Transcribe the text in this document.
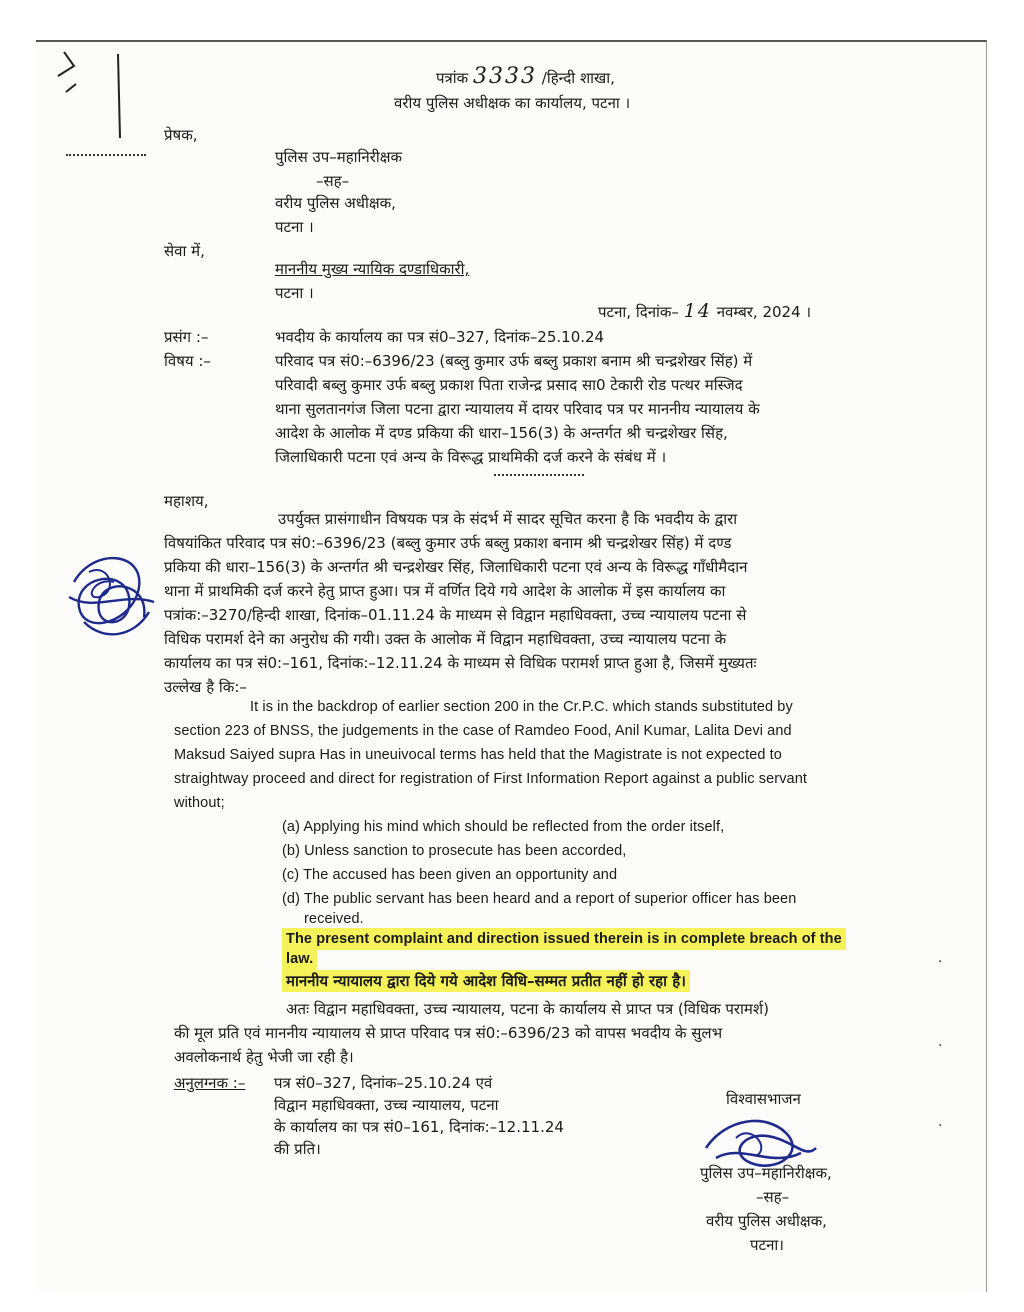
पत्रांक 3333 /हिन्दी शाखा,
वरीय पुलिस अधीक्षक का कार्यालय, पटना ।
प्रेषक,
पुलिस उप–महानिरीक्षक
–सह–
वरीय पुलिस अधीक्षक,
पटना ।
सेवा में,
माननीय मुख्य न्यायिक दण्डाधिकारी,
पटना ।
पटना, दिनांक– 14 नवम्बर, 2024 ।
प्रसंग :–	भवदीय के कार्यालय का पत्र सं0–327, दिनांक–25.10.24
विषय :–	परिवाद पत्र सं0:–6396/23 (बब्लु कुमार उर्फ बब्लु प्रकाश बनाम श्री चन्द्रशेखर सिंह) में
परिवादी बब्लु कुमार उर्फ बब्लु प्रकाश पिता राजेन्द्र प्रसाद सा0 टेकारी रोड पत्थर मस्जिद
थाना सुलतानगंज जिला पटना द्वारा न्यायालय में दायर परिवाद पत्र पर माननीय न्यायालय के
आदेश के आलोक में दण्ड प्रकिया की धारा–156(3) के अन्तर्गत श्री चन्द्रशेखर सिंह,
जिलाधिकारी पटना एवं अन्य के विरूद्ध प्राथमिकी दर्ज करने के संबंध में ।
महाशय,
उपर्युक्त प्रासंगाधीन विषयक पत्र के संदर्भ में सादर सूचित करना है कि भवदीय के द्वारा
विषयांकित परिवाद पत्र सं0:–6396/23 (बब्लु कुमार उर्फ बब्लु प्रकाश बनाम श्री चन्द्रशेखर सिंह) में दण्ड
प्रकिया की धारा–156(3) के अन्तर्गत श्री चन्द्रशेखर सिंह, जिलाधिकारी पटना एवं अन्य के विरूद्ध गाँधीमैदान
थाना में प्राथमिकी दर्ज करने हेतु प्राप्त हुआ। पत्र में वर्णित दिये गये आदेश के आलोक में इस कार्यालय का
पत्रांक:–3270/हिन्दी शाखा, दिनांक–01.11.24 के माध्यम से विद्वान महाधिवक्ता, उच्च न्यायालय पटना से
विधिक परामर्श देने का अनुरोध की गयी। उक्त के आलोक में विद्वान महाधिवक्ता, उच्च न्यायालय पटना के
कार्यालय का पत्र सं0:–161, दिनांक:–12.11.24 के माध्यम से विधिक परामर्श प्राप्त हुआ है, जिसमें मुख्यतः
उल्लेख है कि:–
It is in the backdrop of earlier section 200 in the Cr.P.C. which stands substituted by
section 223 of BNSS, the judgements in the case of Ramdeo Food, Anil Kumar, Lalita Devi and
Maksud Saiyed supra Has in uneuivocal terms has held that the Magistrate is not expected to
straightway proceed and direct for registration of First Information Report against a public servant
without;
(a) Applying his mind which should be reflected from the order itself,
(b) Unless sanction to prosecute has been accorded,
(c) The accused has been given an opportunity and
(d) The public servant has been heard and a report of superior officer has been
received.
The present complaint and direction issued therein is in complete breach of the
law.
माननीय न्यायालय द्वारा दिये गये आदेश विधि–सम्मत प्रतीत नहीं हो रहा है।
अतः विद्वान महाधिवक्ता, उच्च न्यायालय, पटना के कार्यालय से प्राप्त पत्र (विधिक परामर्श)
की मूल प्रति एवं माननीय न्यायालय से प्राप्त परिवाद पत्र सं0:–6396/23 को वापस भवदीय के सुलभ
अवलोकनार्थ हेतु भेजी जा रही है।
अनुलग्नक :– पत्र सं0–327, दिनांक–25.10.24 एवं
विद्वान महाधिवक्ता, उच्च न्यायालय, पटना
के कार्यालय का पत्र सं0–161, दिनांक:–12.11.24
की प्रति।
विश्वासभाजन
पुलिस उप–महानिरीक्षक,
–सह–
वरीय पुलिस अधीक्षक,
पटना।
·
·
·
